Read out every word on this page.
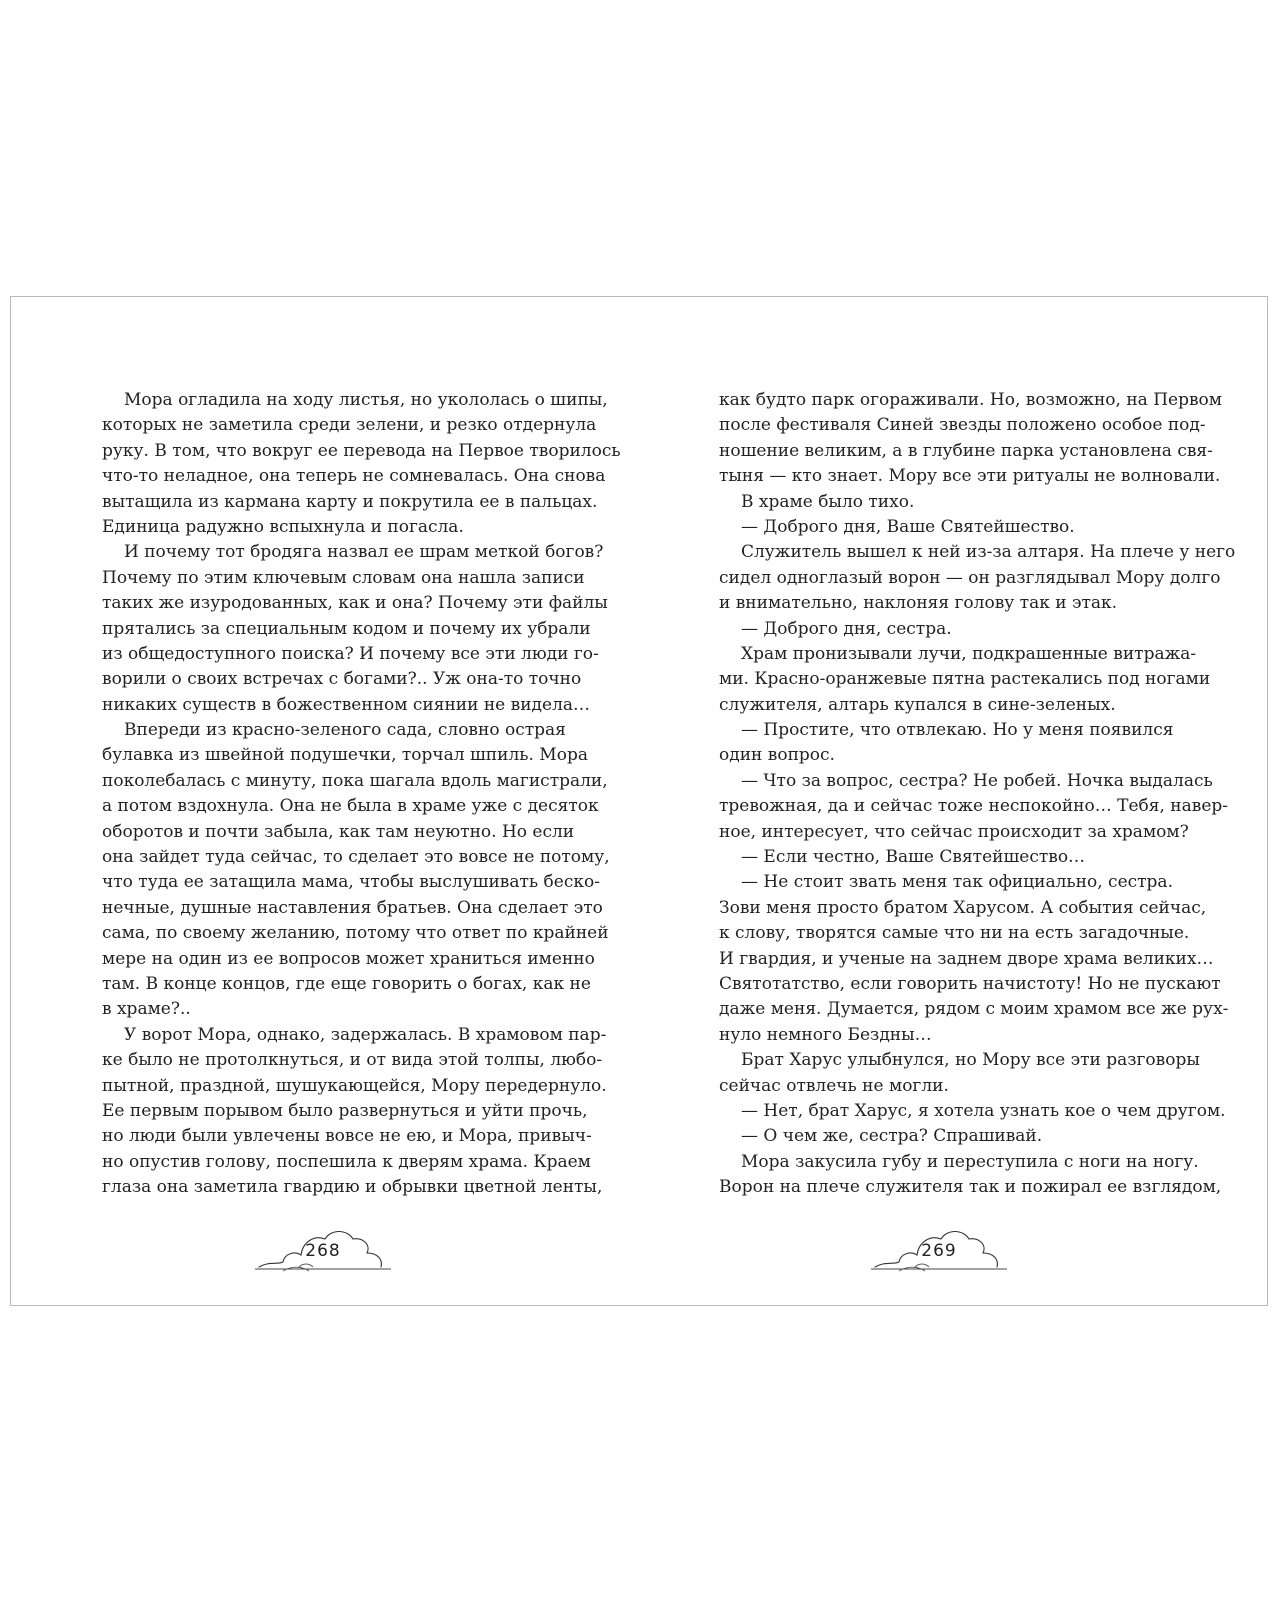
Мора огладила на ходу листья, но укололась о шипы,

которых не заметила среди зелени, и резко отдернула

руку. В том, что вокруг ее перевода на Первое творилось

что-то неладное, она теперь не сомневалась. Она снова

вытащила из кармана карту и покрутила ее в пальцах.

Единица радужно вспыхнула и погасла.

И почему тот бродяга назвал ее шрам меткой богов?

Почему по этим ключевым словам она нашла записи

таких же изуродованных, как и она? Почему эти файлы

прятались за специальным кодом и почему их убрали

из общедоступного поиска? И почему все эти люди го-

ворили о своих встречах с богами?.. Уж она-то точно

никаких существ в божественном сиянии не видела…

Впереди из красно-зеленого сада, словно острая

булавка из швейной подушечки, торчал шпиль. Мора

поколебалась с минуту, пока шагала вдоль магистрали,

а потом вздохнула. Она не была в храме уже с десяток

оборотов и почти забыла, как там неуютно. Но если

она зайдет туда сейчас, то сделает это вовсе не потому,

что туда ее затащила мама, чтобы выслушивать беско-

нечные, душные наставления братьев. Она сделает это

сама, по своему желанию, потому что ответ по крайней

мере на один из ее вопросов может храниться именно

там. В конце концов, где еще говорить о богах, как не

в храме?..

У ворот Мора, однако, задержалась. В храмовом пар-

ке было не протолкнуться, и от вида этой толпы, любо-

пытной, праздной, шушукающейся, Мору передернуло.

Ее первым порывом было развернуться и уйти прочь,

но люди были увлечены вовсе не ею, и Мора, привыч-

но опустив голову, поспешила к дверям храма. Краем

глаза она заметила гвардию и обрывки цветной ленты,

как будто парк огораживали. Но, возможно, на Первом

после фестиваля Синей звезды положено особое под-

ношение великим, а в глубине парка установлена свя-

тыня — кто знает. Мору все эти ритуалы не волновали.

В храме было тихо.

— Доброго дня, Ваше Святейшество.

Служитель вышел к ней из-за алтаря. На плече у него

сидел одноглазый ворон — он разглядывал Мору долго

и внимательно, наклоняя голову так и этак.

— Доброго дня, сестра.

Храм пронизывали лучи, подкрашенные витража-

ми. Красно-оранжевые пятна растекались под ногами

служителя, алтарь купался в сине-зеленых.

— Простите, что отвлекаю. Но у меня появился

один вопрос.

— Что за вопрос, сестра? Не робей. Ночка выдалась

тревожная, да и сейчас тоже неспокойно… Тебя, навер-

ное, интересует, что сейчас происходит за храмом?

— Если честно, Ваше Святейшество…

— Не стоит звать меня так официально, сестра.

Зови меня просто братом Харусом. А события сейчас,

к слову, творятся самые что ни на есть загадочные.

И гвардия, и ученые на заднем дворе храма великих…

Святотатство, если говорить начистоту! Но не пускают

даже меня. Думается, рядом с моим храмом все же рух-

нуло немного Бездны…

Брат Харус улыбнулся, но Мору все эти разговоры

сейчас отвлечь не могли.

— Нет, брат Харус, я хотела узнать кое о чем другом.

— О чем же, сестра? Спрашивай.

Мора закусила губу и переступила с ноги на ногу.

Ворон на плече служителя так и пожирал ее взглядом,

268	269
